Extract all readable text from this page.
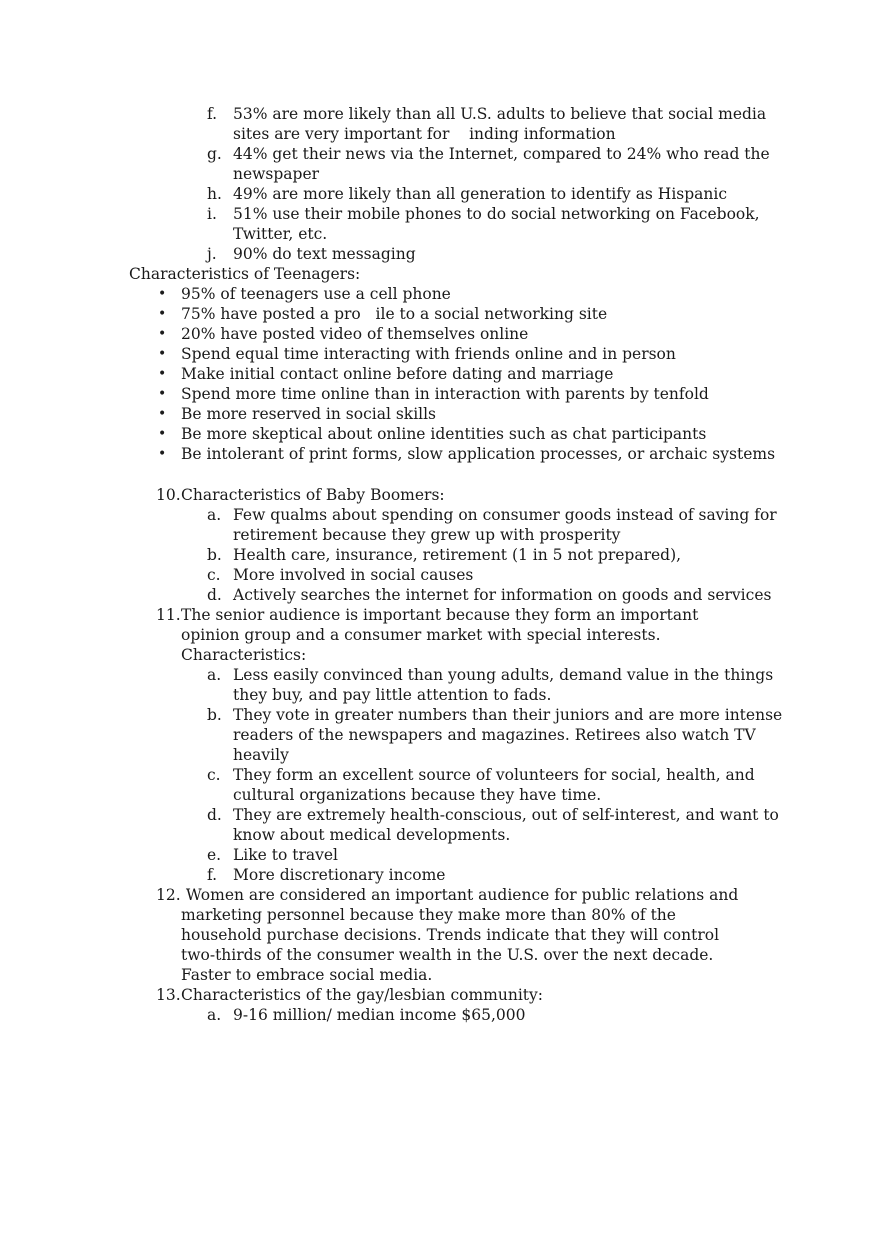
f. 53% are more likely than all U.S. adults to believe that social media sites are very important for    inding information
g. 44% get their news via the Internet, compared to 24% who read the newspaper
h. 49% are more likely than all generation to identify as Hispanic
i. 51% use their mobile phones to do social networking on Facebook, Twitter, etc.
j. 90% do text messaging
Characteristics of Teenagers:
• 95% of teenagers use a cell phone
• 75% have posted a pro   ile to a social networking site
• 20% have posted video of themselves online
• Spend equal time interacting with friends online and in person
• Make initial contact online before dating and marriage
• Spend more time online than in interaction with parents by tenfold
• Be more reserved in social skills
• Be more skeptical about online identities such as chat participants
• Be intolerant of print forms, slow application processes, or archaic systems
10. Characteristics of Baby Boomers:
a. Few qualms about spending on consumer goods instead of saving for retirement because they grew up with prosperity
b. Health care, insurance, retirement (1 in 5 not prepared),
c. More involved in social causes
d. Actively searches the internet for information on goods and services
11. The senior audience is important because they form an important opinion group and a consumer market with special interests. Characteristics:
a. Less easily convinced than young adults, demand value in the things they buy, and pay little attention to fads.
b. They vote in greater numbers than their juniors and are more intense readers of the newspapers and magazines. Retirees also watch TV heavily
c. They form an excellent source of volunteers for social, health, and cultural organizations because they have time.
d. They are extremely health-conscious, out of self-interest, and want to know about medical developments.
e. Like to travel
f. More discretionary income
12. Women are considered an important audience for public relations and marketing personnel because they make more than 80% of the household purchase decisions. Trends indicate that they will control two-thirds of the consumer wealth in the U.S. over the next decade. Faster to embrace social media.
13. Characteristics of the gay/lesbian community:
a. 9-16 million/ median income $65,000
